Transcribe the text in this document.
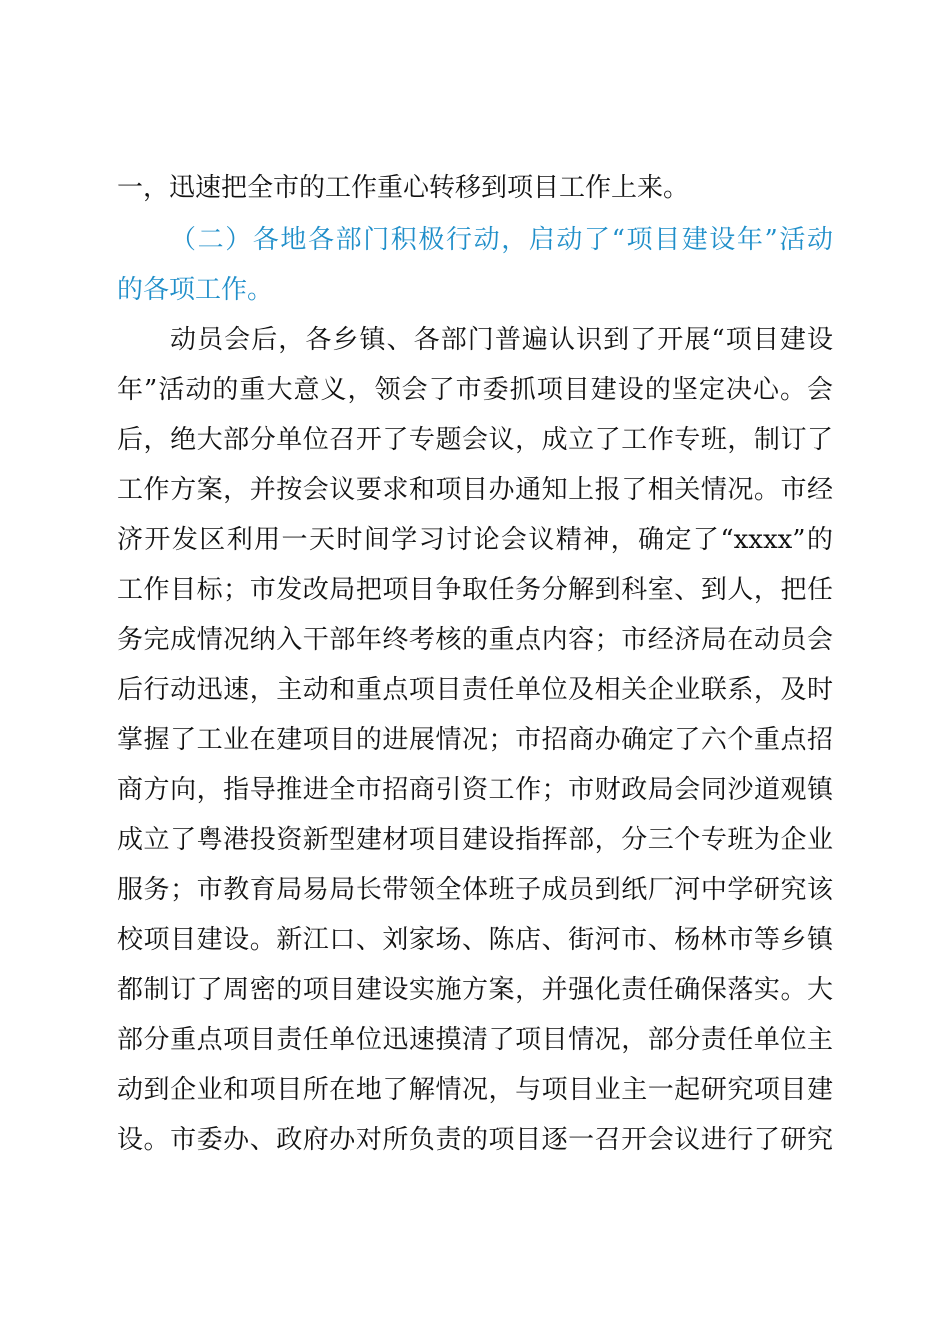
一，迅速把全市的工作重心转移到项目工作上来。
（二）各地各部门积极行动，启动了“项目建设年”活动
的各项工作。
动员会后，各乡镇、各部门普遍认识到了开展“项目建设
年”活动的重大意义，领会了市委抓项目建设的坚定决心。会
后，绝大部分单位召开了专题会议，成立了工作专班，制订了
工作方案，并按会议要求和项目办通知上报了相关情况。市经
济开发区利用一天时间学习讨论会议精神，确定了“xxxx”的
工作目标；市发改局把项目争取任务分解到科室、到人，把任
务完成情况纳入干部年终考核的重点内容；市经济局在动员会
后行动迅速，主动和重点项目责任单位及相关企业联系，及时
掌握了工业在建项目的进展情况；市招商办确定了六个重点招
商方向，指导推进全市招商引资工作；市财政局会同沙道观镇
成立了粤港投资新型建材项目建设指挥部，分三个专班为企业
服务；市教育局易局长带领全体班子成员到纸厂河中学研究该
校项目建设。新江口、刘家场、陈店、街河市、杨林市等乡镇
都制订了周密的项目建设实施方案，并强化责任确保落实。大
部分重点项目责任单位迅速摸清了项目情况，部分责任单位主
动到企业和项目所在地了解情况，与项目业主一起研究项目建
设。市委办、政府办对所负责的项目逐一召开会议进行了研究
